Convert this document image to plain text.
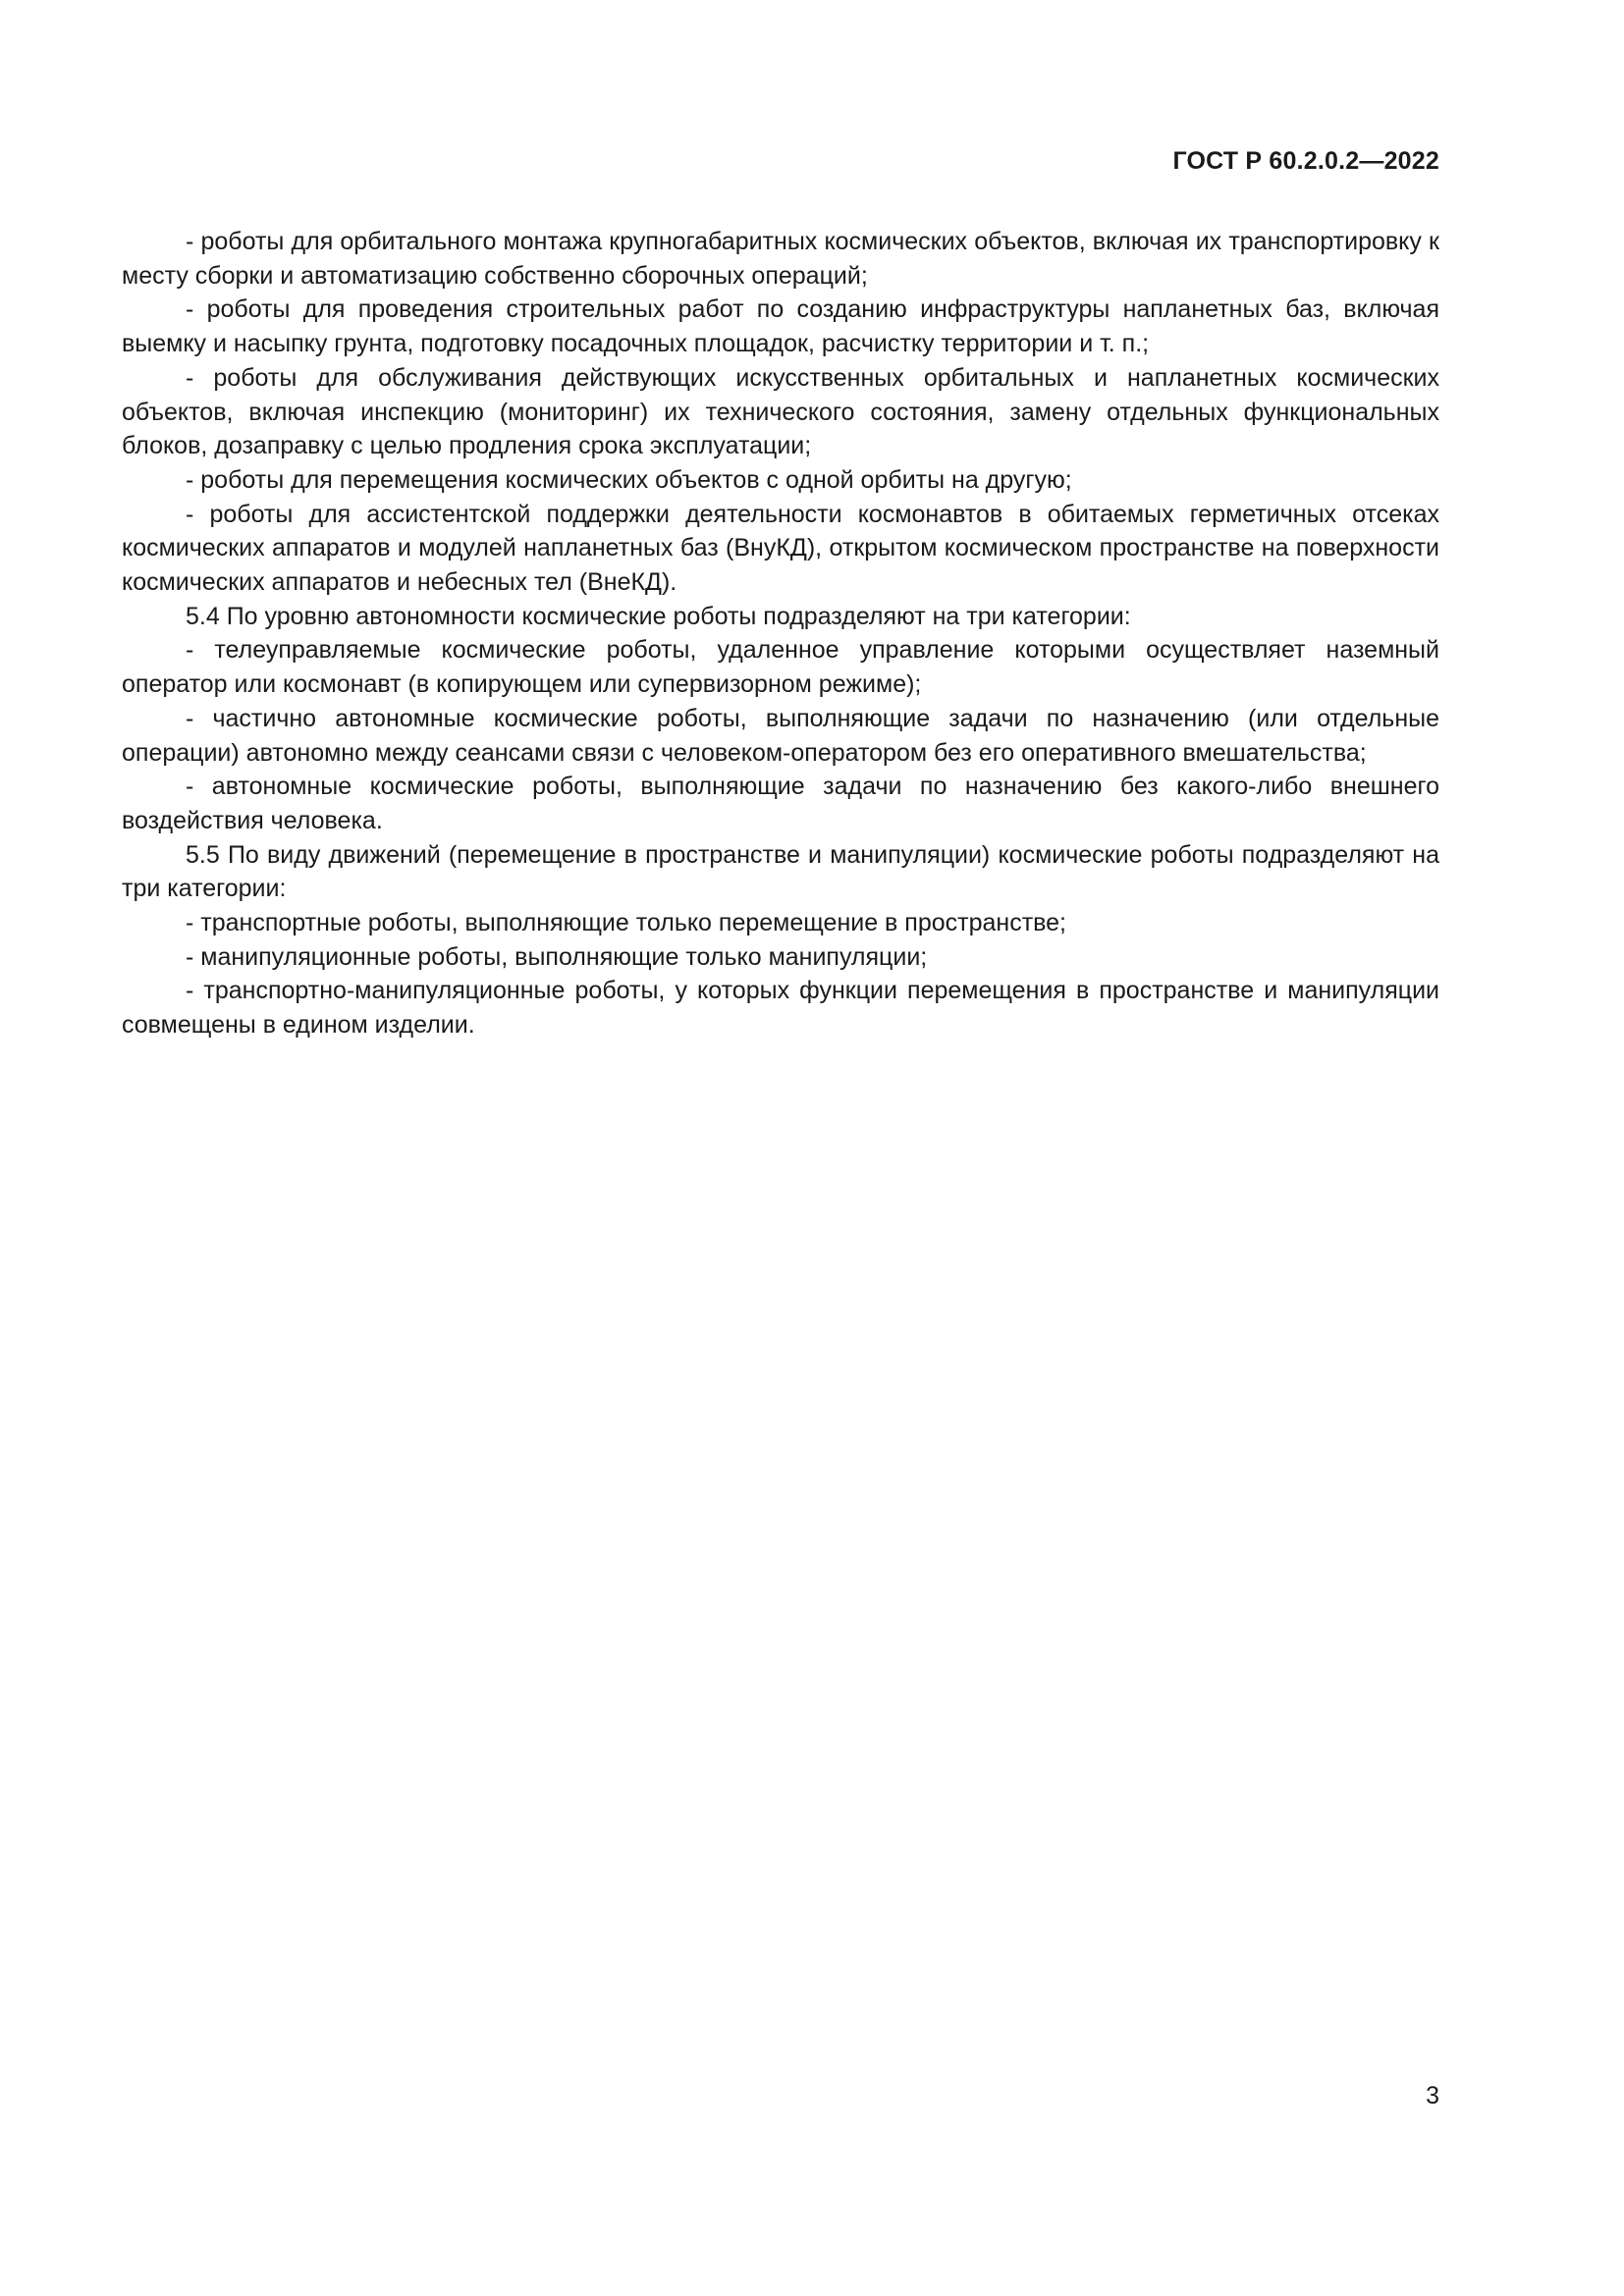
ГОСТ Р 60.2.0.2—2022

- роботы для орбитального монтажа крупногабаритных космических объектов, включая их транспортировку к месту сборки и автоматизацию собственно сборочных операций;

- роботы для проведения строительных работ по созданию инфраструктуры напланетных баз, включая выемку и насыпку грунта, подготовку посадочных площадок, расчистку территории и т. п.;

- роботы для обслуживания действующих искусственных орбитальных и напланетных космических объектов, включая инспекцию (мониторинг) их технического состояния, замену отдельных функциональных блоков, дозаправку с целью продления срока эксплуатации;

- роботы для перемещения космических объектов с одной орбиты на другую;

- роботы для ассистентской поддержки деятельности космонавтов в обитаемых герметичных отсеках космических аппаратов и модулей напланетных баз (ВнуКД), открытом космическом пространстве на поверхности космических аппаратов и небесных тел (ВнеКД).

5.4 По уровню автономности космические роботы подразделяют на три категории:

- телеуправляемые космические роботы, удаленное управление которыми осуществляет наземный оператор или космонавт (в копирующем или супервизорном режиме);

- частично автономные космические роботы, выполняющие задачи по назначению (или отдельные операции) автономно между сеансами связи с человеком-оператором без его оперативного вмешательства;

- автономные космические роботы, выполняющие задачи по назначению без какого-либо внешнего воздействия человека.

5.5 По виду движений (перемещение в пространстве и манипуляции) космические роботы подразделяют на три категории:

- транспортные роботы, выполняющие только перемещение в пространстве;

- манипуляционные роботы, выполняющие только манипуляции;

- транспортно-манипуляционные роботы, у которых функции перемещения в пространстве и манипуляции совмещены в едином изделии.

3
